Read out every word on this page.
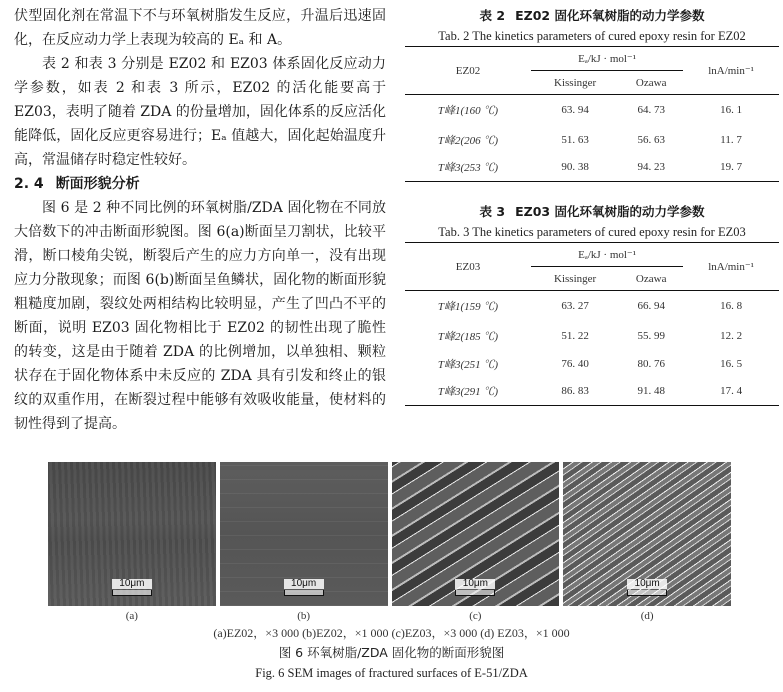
伏型固化剂在常温下不与环氧树脂发生反应，升温后迅速固化，在反应动力学上表现为较高的 Eₐ 和 A。

表 2 和表 3 分别是 EZ02 和 EZ03 体系固化反应动力学参数，如表 2 和表 3 所示，EZ02 的活化能要高于 EZ03，表明了随着 ZDA 的份量增加，固化体系的反应活化能降低，固化反应更容易进行；Eₐ 值越大，固化起始温度升高，常温储存时稳定性较好。

2. 4 断面形貌分析

图 6 是 2 种不同比例的环氧树脂/ZDA 固化物在不同放大倍数下的冲击断面形貌图。图 6(a)断面呈刀割状，比较平滑，断口棱角尖锐，断裂后产生的应力方向单一，没有出现应力分散现象；而图 6(b)断面呈鱼鳞状，固化物的断面形貌粗糙度加剧，裂纹处两相结构比较明显，产生了凹凸不平的断面，说明 EZ03 固化物相比于 EZ02 的韧性出现了脆性的转变，这是由于随着 ZDA 的比例增加，以单独相、颗粒状存在于固化物体系中未反应的 ZDA 具有引发和终止的银纹的双重作用，在断裂过程中能够有效吸收能量，使材料的韧性得到了提高。

表 2 EZ02 固化环氧树脂的动力学参数
Tab. 2 The kinetics parameters of cured epoxy resin for EZ02
EZ02	Eₐ/kJ · mol⁻¹		lnA/min⁻¹
	Kissinger	Ozawa	
T峰1(160 ℃)	63. 94	64. 73	16. 1
T峰2(206 ℃)	51. 63	56. 63	11. 7
T峰3(253 ℃)	90. 38	94. 23	19. 7
表 3 EZ03 固化环氧树脂的动力学参数
Tab. 3 The kinetics parameters of cured epoxy resin for EZ03
EZ03	Eₐ/kJ · mol⁻¹		lnA/min⁻¹
	Kissinger	Ozawa	
T峰1(159 ℃)	63. 27	66. 94	16. 8
T峰2(185 ℃)	51. 22	55. 99	12. 2
T峰3(251 ℃)	76. 40	80. 76	16. 5
T峰3(291 ℃)	86. 83	91. 48	17. 4
10μm	10μm	10μm	10μm
(a)	(b)	(c)	(d)
(a)EZ02，×3 000 (b)EZ02，×1 000 (c)EZ03，×3 000 (d) EZ03，×1 000
图 6 环氧树脂/ZDA 固化物的断面形貌图
Fig. 6 SEM images of fractured surfaces of E-51/ZDA
